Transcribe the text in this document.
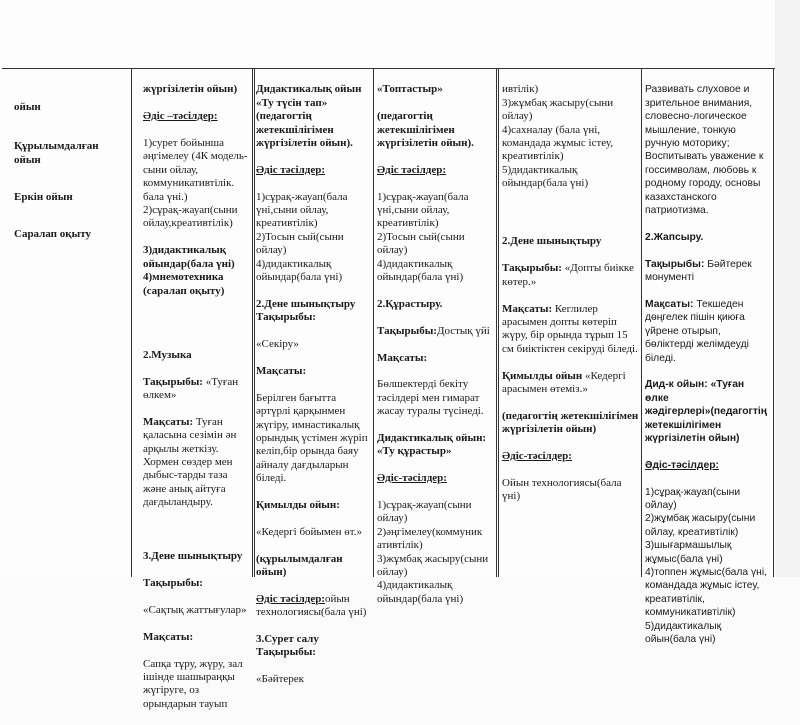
ойын

Құрылымдалған ойын

Еркін ойын

Саралап оқыту

жүргізілетін ойын)

Әдіс –тәсілдер:

1)сурет бойынша әңгімелеу (4К модель-сыни ойлау, коммуникативтілік. бала үні.)
2)сұрақ-жауап(сыни ойлау,креативтілік)

3)дидактикалық ойындар(бала үні)
4)мнемотехника (саралап оқыту)

2.Музыка

Тақырыбы: «Туған өлкем»

Мақсаты: Туған қаласына сезімін ән арқылы жеткізу. Хормен сөздер мен дыбыс-тарды таза және анық айтуға дағдыландыру.

3.Дене шынықтыру

Тақырыбы:

«Сақтық жаттығулар»

Мақсаты:

Сапқа тұру, жүру, зал ішінде шашыраңқы жүгіруге, оз орындарын тауып

Дидактикалық ойын «Ту түсін тап» (педагогтің жетекшілігімен жүргізілетін ойын).

Әдіс тәсілдер:

1)сұрақ-жауап(бала үні,сыни ойлау, креативтілік)
2)Тосын сый(сыни ойлау)
4)дидактикалық ойындар(бала үні)

2.Дене шынықтыру Тақырыбы:

«Секіру»

Мақсаты:

Берілген бағытта әртүрлі қарқынмен жүгіру, имнастикалық орындық үстімен жүріп келіп,бір орында баяу айналу дағдыларын біледі.

Қимылды ойын:

«Кедергі бойымен өт.»

(құрылымдалған ойын)

Әдіс тәсілдер:ойын технологиясы(бала үні)

3.Сурет салу Тақырыбы:

«Бәйтерек

«Топтастыр»

(педагогтің жетекшілігімен жүргізілетін ойын).

Әдіс тәсілдер:

1)сұрақ-жауап(бала үні,сыни ойлау, креативтілік)
2)Тосын сый(сыни ойлау)
4)дидактикалық ойындар(бала үні)

2.Құрастыру.

Тақырыбы:Достық үйі

Мақсаты:

Бөлшектерді бекіту тәсілдері мен гимарат жасау туралы түсінеді.

Дидактикалық ойын: «Ту құрастыр»

Әдіс-тәсілдер:

1)сұрақ-жауап(сыни ойлау)
2)әңгімелеу(коммуник ативтілік)
3)жұмбақ жасыру(сыни ойлау)
4)дидактикалық ойындар(бала үні)

ивтілік)
3)жұмбақ жасыру(сыни ойлау)
4)сахналау (бала үні, командада жұмыс істеу, креативтілік)
5)дидактикалық ойындар(бала үні)

2.Дене шынықтыру

Тақырыбы: «Допты биікке көтер.»

Мақсаты: Кеглилер арасымен допты көтеріп жүру, бір орында тұрып 15 см биіктіктен секіруді біледі.

Қимылды ойын «Кедергі арасымен өтеміз.»

(педагогтің жетекшілігімен жүргізілетін ойын)

Әдіс-тәсілдер:

Ойын технологиясы(бала үні)

Развивать слуховое и зрительное внимания, словесно-логическое мышление, тонкую ручную моторику; Воспитывать уважение к госсимволам, любовь к родному городу, основы казахстанского патриотизма.

2.Жапсыру.

Тақырыбы: Бәйтерек монументі

Мақсаты: Текшеден дөңгелек пішін қиюға үйрене отырып, бөліктерді желімдеуді біледі.

Дид-к ойын: «Туған өлке жәдігерлері»(педагогтің жетекшілігімен жүргізілетін ойын)

Әдіс-тәсілдер:

1)сұрақ-жауап(сыни ойлау)
2)жұмбақ жасыру(сыни ойлау, креативтілік)
3)шығармашылық жұмыс(бала үні)
4)топпен жұмыс(бала үні, командада жұмыс істеу, креативтілік, коммуникативтілік)
5)дидактикалық ойын(бала үні)
